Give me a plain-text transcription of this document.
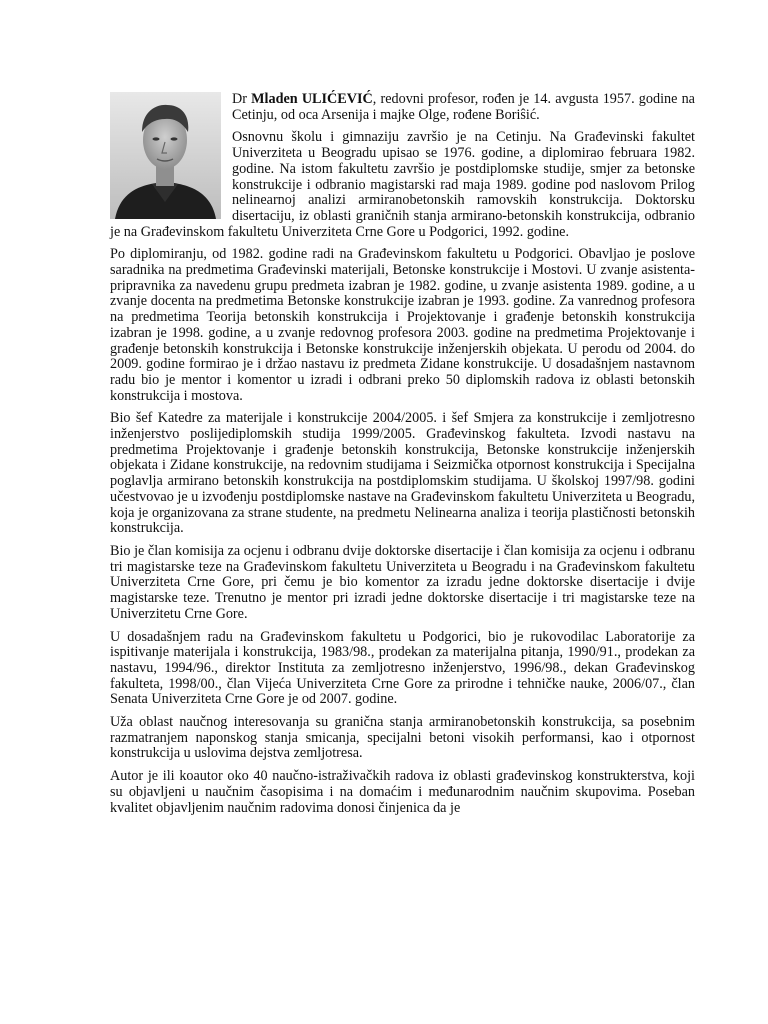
Dr Mladen ULIĆEVIĆ, redovni profesor, rođen je 14. avgusta 1957. godine na Cetinju, od oca Arsenija i majke Olge, rođene Boriŝić.

Osnovnu školu i gimnaziju završio je na Cetinju. Na Građevinski fakultet Univerziteta u Beogradu upisao se 1976. godine, a diplomirao februara 1982. godine. Na istom fakultetu završio je postdiplomske studije, smjer za betonske konstrukcije i odbranio magistarski rad maja 1989. godine pod naslovom Prilog nelinearnoj analizi armiranobetonskih ramovskih konstrukcija. Doktorsku disertaciju, iz oblasti graničnih stanja armirano-betonskih konstrukcija, odbranio je na Građevinskom fakultetu Univerziteta Crne Gore u Podgorici, 1992. godine.

Po diplomiranju, od 1982. godine radi na Građevinskom fakultetu u Podgorici. Obavljao je poslove saradnika na predmetima Građevinski materijali, Betonske konstrukcije i Mostovi. U zvanje asistenta-pripravnika za navedenu grupu predmeta izabran je 1982. godine, u zvanje asistenta 1989. godine, a u zvanje docenta na predmetima Betonske konstrukcije izabran je 1993. godine. Za vanrednog profesora na predmetima Teorija betonskih konstrukcija i Projektovanje i građenje betonskih konstrukcija izabran je 1998. godine, a u zvanje redovnog profesora 2003. godine na predmetima Projektovanje i građenje betonskih konstrukcija i Betonske konstrukcije inženjerskih objekata. U perodu od 2004. do 2009. godine formirao je i držao nastavu iz predmeta Zidane konstrukcije. U dosadašnjem nastavnom radu bio je mentor i komentor u izradi i odbrani preko 50 diplomskih radova iz oblasti betonskih konstrukcija i mostova.

Bio šef Katedre za materijale i konstrukcije 2004/2005. i šef Smjera za konstrukcije i zemljotresno inženjerstvo poslijediplomskih studija 1999/2005. Građevinskog fakulteta. Izvodi nastavu na predmetima Projektovanje i građenje betonskih konstrukcija, Betonske konstrukcije inženjerskih objekata i Zidane konstrukcije, na redovnim studijama i Seizmička otpornost konstrukcija i Specijalna poglavlja armirano betonskih konstrukcija na postdiplomskim studijama. U školskoj 1997/98. godini učestvovao je u izvođenju postdiplomske nastave na Građevinskom fakultetu Univerziteta u Beogradu, koja je organizovana za strane studente, na predmetu Nelinearna analiza i teorija plastičnosti betonskih konstrukcija.

Bio je član komisija za ocjenu i odbranu dvije doktorske disertacije i član komisija za ocjenu i odbranu tri magistarske teze na Građevinskom fakultetu Univerziteta u Beogradu i na Građevinskom fakultetu Univerziteta Crne Gore, pri čemu je bio komentor za izradu jedne doktorske disertacije i dvije magistarske teze. Trenutno je mentor pri izradi jedne doktorske disertacije i tri magistarske teze na Univerzitetu Crne Gore.

U dosadašnjem radu na Građevinskom fakultetu u Podgorici, bio je rukovodilac Laboratorije za ispitivanje materijala i konstrukcija, 1983/98., prodekan za materijalna pitanja, 1990/91., prodekan za nastavu, 1994/96., direktor Instituta za zemljotresno inženjerstvo, 1996/98., dekan Građevinskog fakulteta, 1998/00., član Vijeća Univerziteta Crne Gore za prirodne i tehničke nauke, 2006/07., član Senata Univerziteta Crne Gore je od 2007. godine.

Uža oblast naučnog interesovanja su granična stanja armiranobetonskih konstrukcija, sa posebnim razmatranjem naponskog stanja smicanja, specijalni betoni visokih performansi, kao i otpornost konstrukcija u uslovima dejstva zemljotresa.

Autor je ili koautor oko 40 naučno-istraživačkih radova iz oblasti građevinskog konstrukterstva, koji su objavljeni u naučnim časopisima i na domaćim i međunarodnim naučnim skupovima. Poseban kvalitet objavljenim naučnim radovima donosi činjenica da je
